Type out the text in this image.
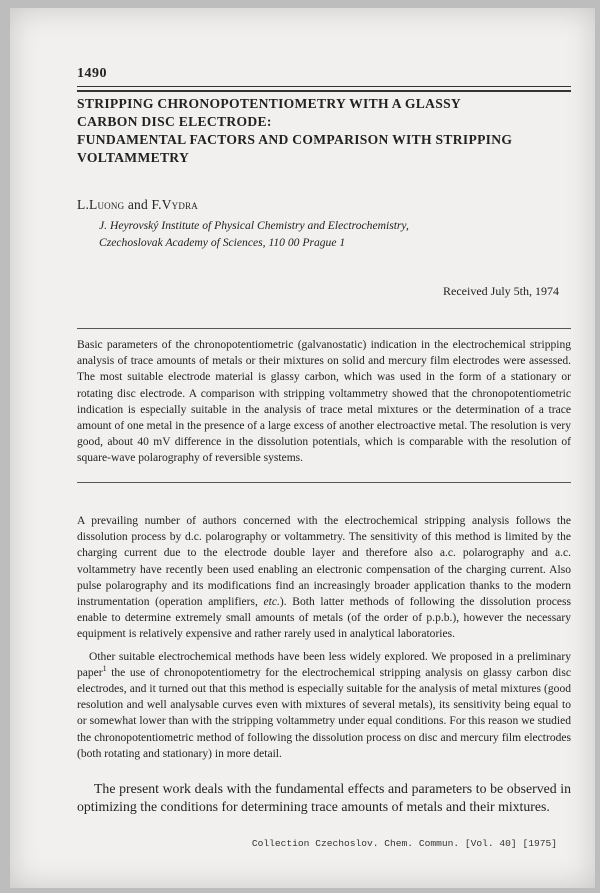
1490
STRIPPING CHRONOPOTENTIOMETRY WITH A GLASSY
CARBON DISC ELECTRODE:
FUNDAMENTAL FACTORS AND COMPARISON WITH STRIPPING
VOLTAMMETRY
L.Luong and F.Vydra
J. Heyrovský Institute of Physical Chemistry and Electrochemistry,
Czechoslovak Academy of Sciences, 110 00 Prague 1
Received July 5th, 1974
Basic parameters of the chronopotentiometric (galvanostatic) indication in the electrochemical stripping analysis of trace amounts of metals or their mixtures on solid and mercury film electrodes were assessed. The most suitable electrode material is glassy carbon, which was used in the form of a stationary or rotating disc electrode. A comparison with stripping voltammetry showed that the chronopotentiometric indication is especially suitable in the analysis of trace metal mixtures or the determination of a trace amount of one metal in the presence of a large excess of another electroactive metal. The resolution is very good, about 40 mV difference in the dissolution potentials, which is comparable with the resolution of square-wave polarography of reversible systems.

A prevailing number of authors concerned with the electrochemical stripping analysis follows the dissolution process by d.c. polarography or voltammetry. The sensitivity of this method is limited by the charging current due to the electrode double layer and therefore also a.c. polarography and a.c. voltammetry have recently been used enabling an electronic compensation of the charging current. Also pulse polarography and its modifications find an increasingly broader application thanks to the modern instrumentation (operation amplifiers, etc.). Both latter methods of following the dissolution process enable to determine extremely small amounts of metals (of the order of p.p.b.), however the necessary equipment is relatively expensive and rather rarely used in analytical laboratories.

Other suitable electrochemical methods have been less widely explored. We proposed in a preliminary paper$^1$ the use of chronopotentiometry for the electrochemical stripping analysis on glassy carbon disc electrodes, and it turned out that this method is especially suitable for the analysis of metal mixtures (good resolution and well analysable curves even with mixtures of several metals), its sensitivity being equal to or somewhat lower than with the stripping voltammetry under equal conditions. For this reason we studied the chronopotentiometric method of following the dissolution process on disc and mercury film electrodes (both rotating and stationary) in more detail.

The present work deals with the fundamental effects and parameters to be observed in optimizing the conditions for determining trace amounts of metals and their mixtures.
Collection Czechoslov. Chem. Commun. [Vol. 40] [1975]
